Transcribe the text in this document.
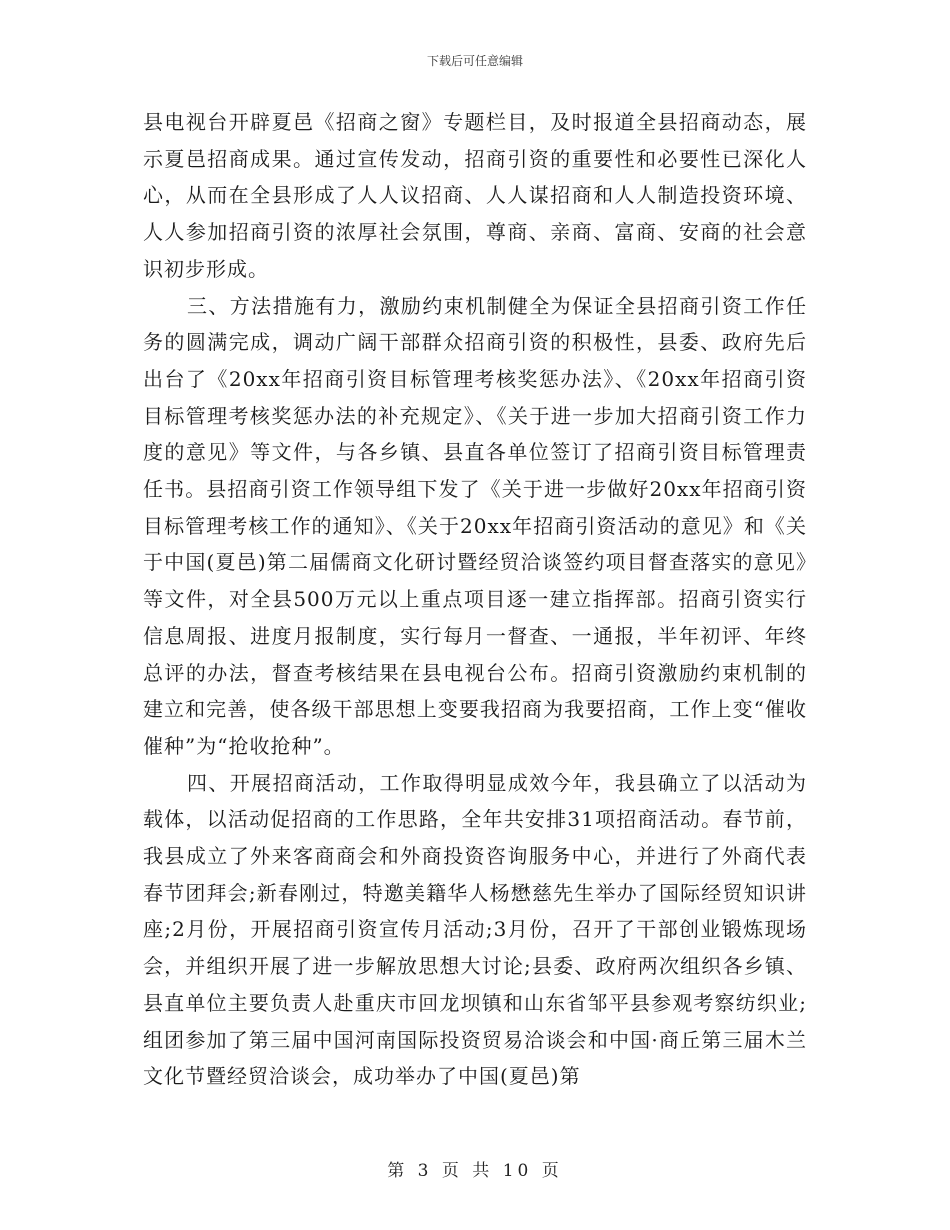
下载后可任意编辑

县电视台开辟夏邑《招商之窗》专题栏目，及时报道全县招商动态，展示夏邑招商成果。通过宣传发动，招商引资的重要性和必要性已深化人心，从而在全县形成了人人议招商、人人谋招商和人人制造投资环境、人人参加招商引资的浓厚社会氛围，尊商、亲商、富商、安商的社会意识初步形成。

三、方法措施有力，激励约束机制健全为保证全县招商引资工作任务的圆满完成，调动广阔干部群众招商引资的积极性，县委、政府先后出台了《20xx年招商引资目标管理考核奖惩办法》、《20xx年招商引资目标管理考核奖惩办法的补充规定》、《关于进一步加大招商引资工作力度的意见》等文件，与各乡镇、县直各单位签订了招商引资目标管理责任书。县招商引资工作领导组下发了《关于进一步做好20xx年招商引资目标管理考核工作的通知》、《关于20xx年招商引资活动的意见》和《关于中国(夏邑)第二届儒商文化研讨暨经贸洽谈签约项目督查落实的意见》等文件，对全县500万元以上重点项目逐一建立指挥部。招商引资实行信息周报、进度月报制度，实行每月一督查、一通报，半年初评、年终总评的办法，督查考核结果在县电视台公布。招商引资激励约束机制的建立和完善，使各级干部思想上变要我招商为我要招商，工作上变“催收催种”为“抢收抢种”。

四、开展招商活动，工作取得明显成效今年，我县确立了以活动为载体，以活动促招商的工作思路，全年共安排31项招商活动。春节前，我县成立了外来客商商会和外商投资咨询服务中心，并进行了外商代表春节团拜会;新春刚过，特邀美籍华人杨懋慈先生举办了国际经贸知识讲座;2月份，开展招商引资宣传月活动;3月份，召开了干部创业锻炼现场会，并组织开展了进一步解放思想大讨论;县委、政府两次组织各乡镇、县直单位主要负责人赴重庆市回龙坝镇和山东省邹平县参观考察纺织业;组团参加了第三届中国河南国际投资贸易洽谈会和中国·商丘第三届木兰文化节暨经贸洽谈会，成功举办了中国(夏邑)第

第 3 页 共 10 页
